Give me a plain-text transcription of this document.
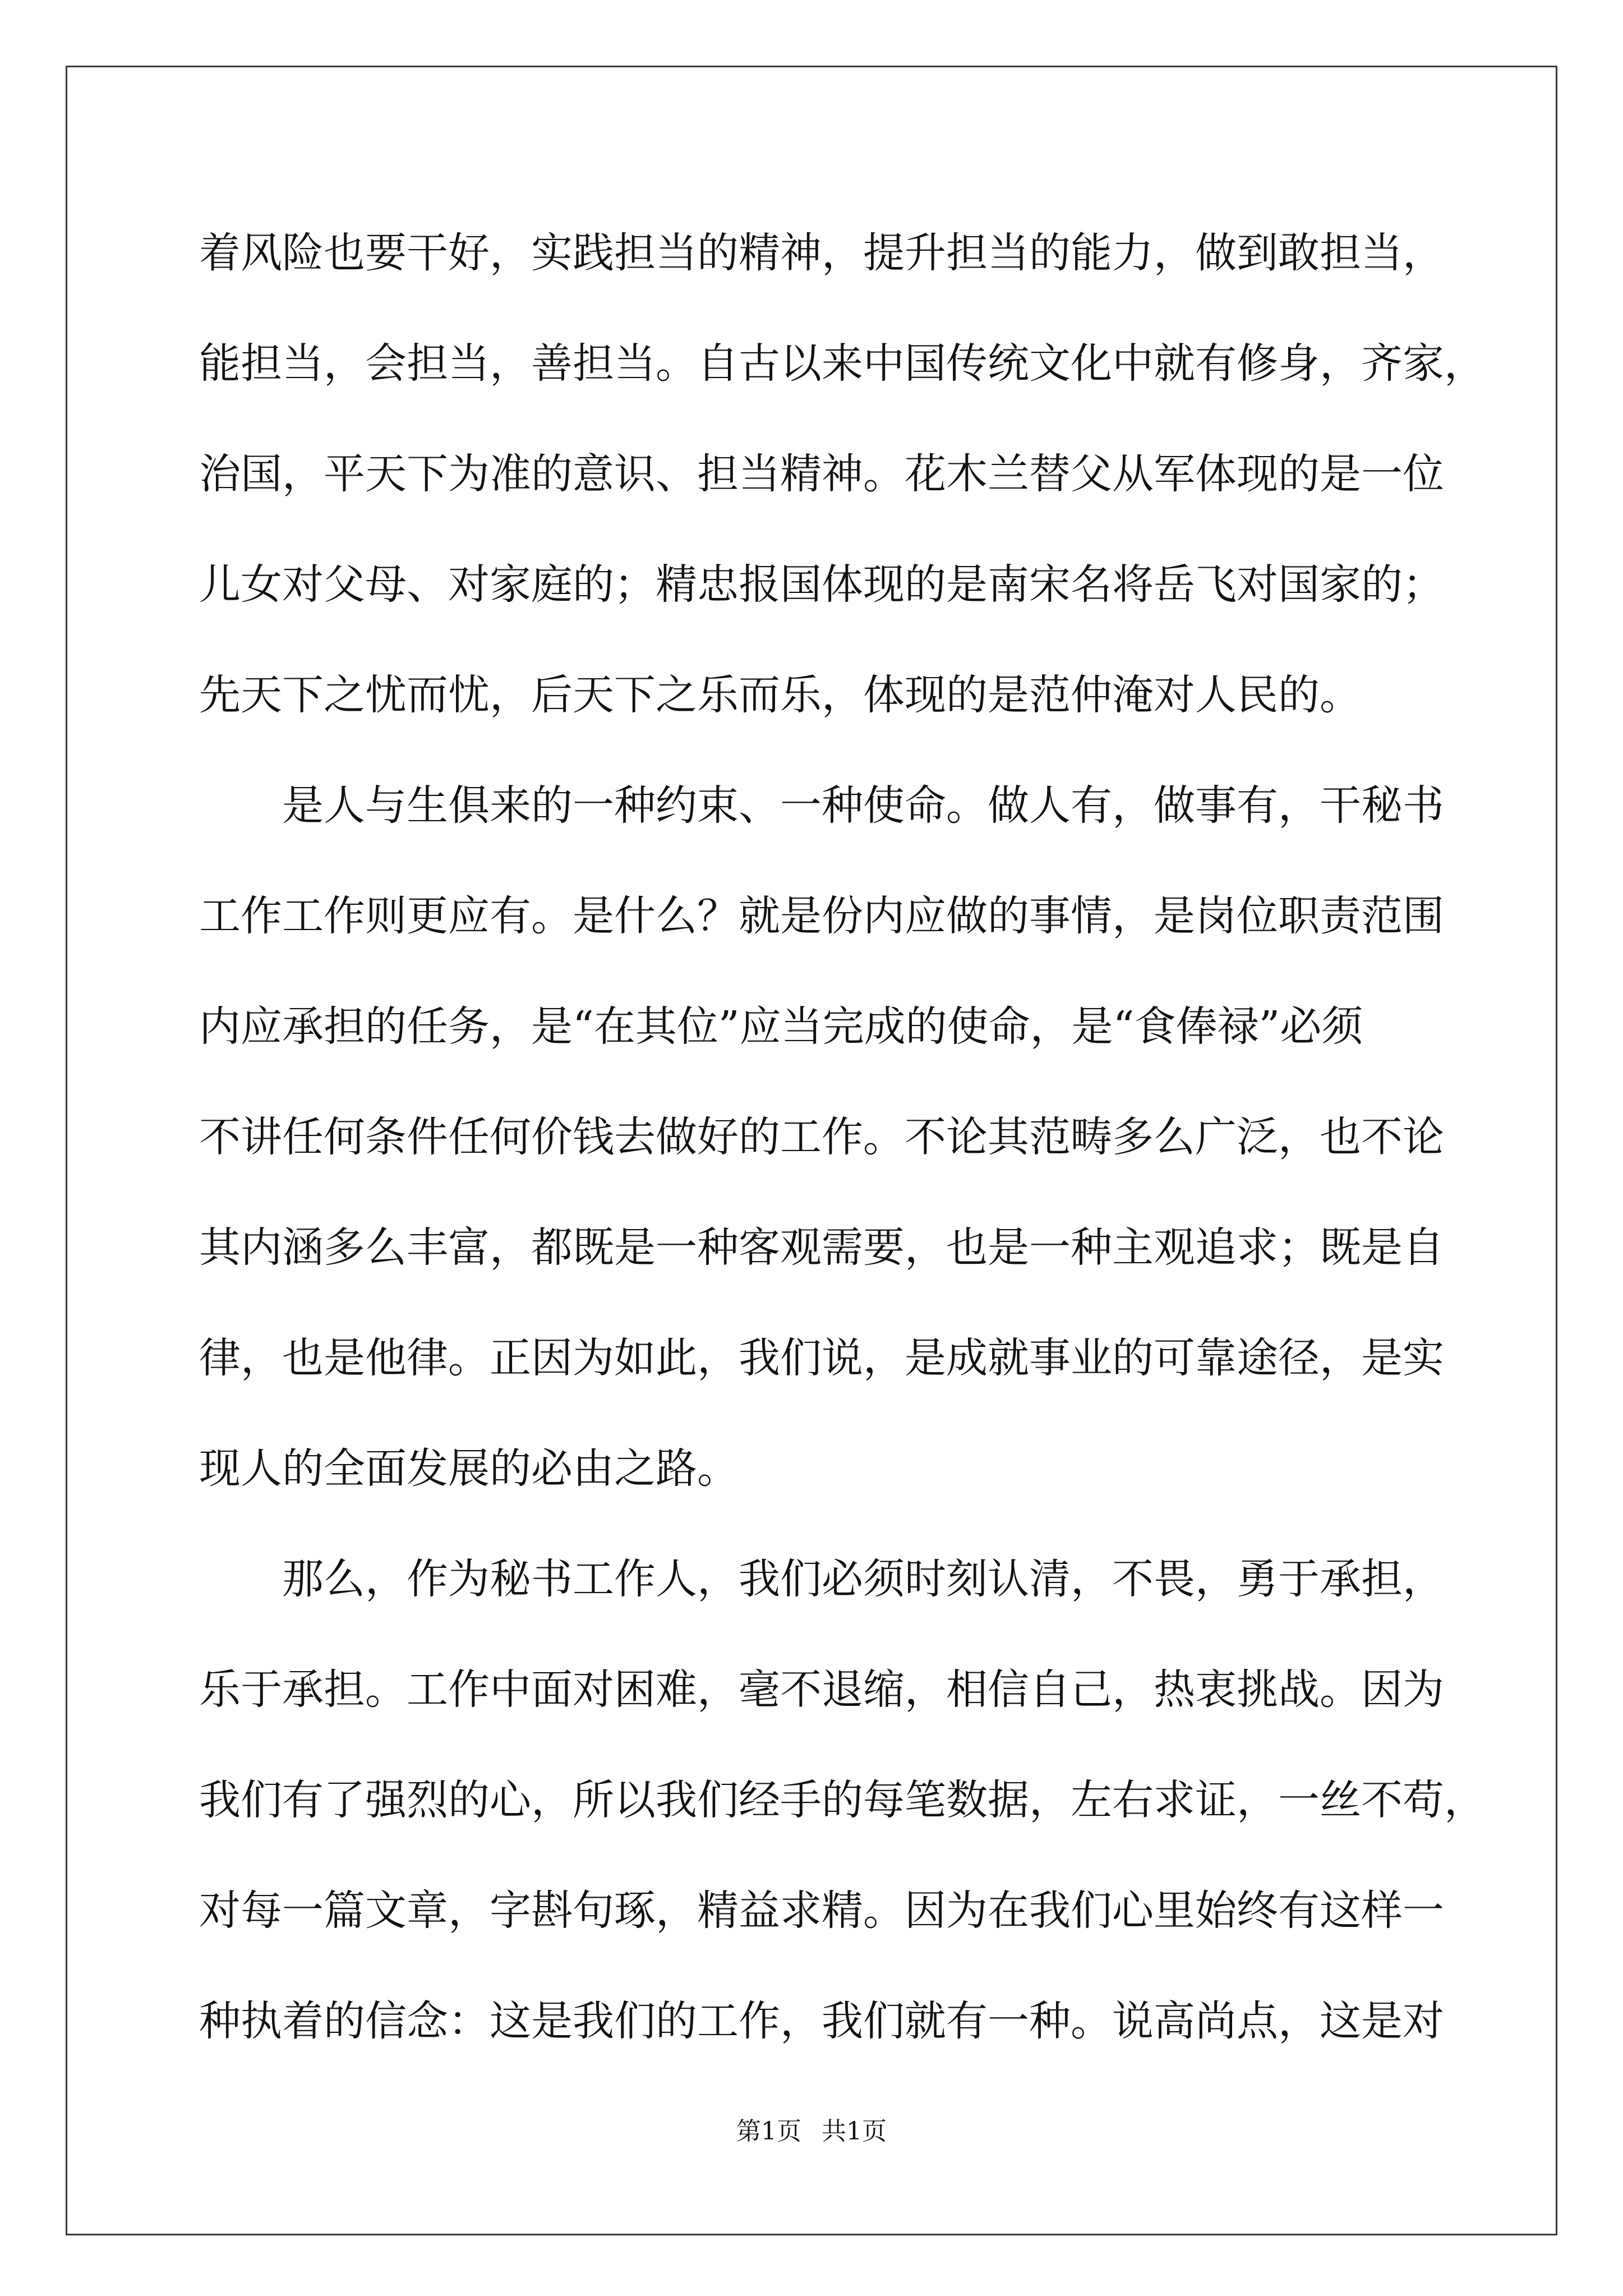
着风险也要干好，实践担当的精神，提升担当的能力，做到敢担当，
能担当，会担当，善担当。自古以来中国传统文化中就有修身，齐家，
治国，平天下为准的意识、担当精神。花木兰替父从军体现的是一位
儿女对父母、对家庭的；精忠报国体现的是南宋名将岳飞对国家的；
先天下之忧而忧，后天下之乐而乐，体现的是范仲淹对人民的。
是人与生俱来的一种约束、一种使命。做人有，做事有，干秘书
工作工作则更应有。是什么？就是份内应做的事情，是岗位职责范围
内应承担的任务，是“在其位”应当完成的使命，是“食俸禄”必须
不讲任何条件任何价钱去做好的工作。不论其范畴多么广泛，也不论
其内涵多么丰富，都既是一种客观需要，也是一种主观追求；既是自
律，也是他律。正因为如此，我们说，是成就事业的可靠途径，是实
现人的全面发展的必由之路。
那么，作为秘书工作人，我们必须时刻认清，不畏，勇于承担，
乐于承担。工作中面对困难，毫不退缩，相信自己，热衷挑战。因为
我们有了强烈的心，所以我们经手的每笔数据，左右求证，一丝不苟，
对每一篇文章，字斟句琢，精益求精。因为在我们心里始终有这样一
种执着的信念：这是我们的工作，我们就有一种。说高尚点，这是对
第1页 共1页
